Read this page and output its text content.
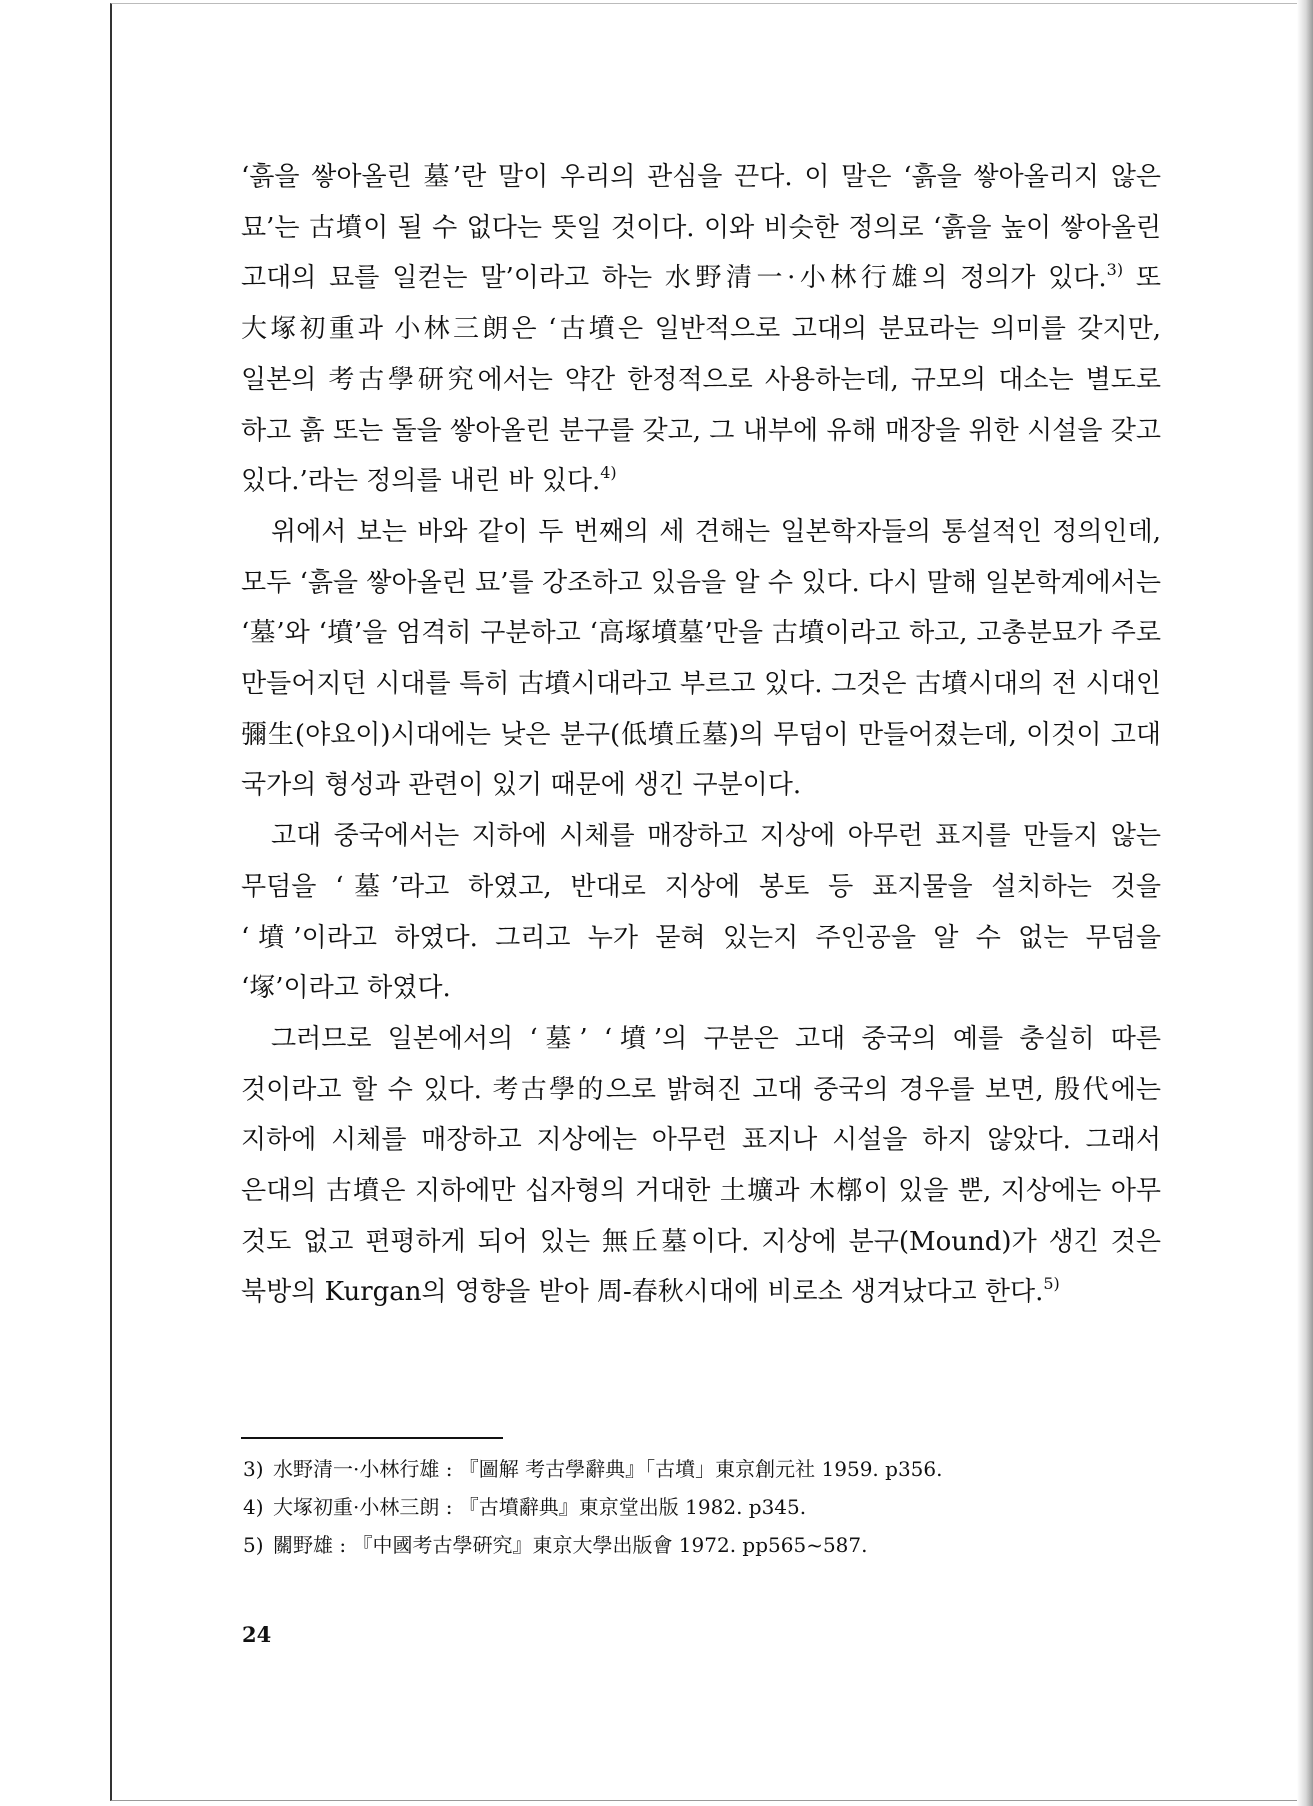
‘흙을 쌓아올린 墓’란 말이 우리의 관심을 끈다. 이 말은 ‘흙을 쌓아올리지 않은 묘’는 古墳이 될 수 없다는 뜻일 것이다. 이와 비슷한 정의로 ‘흙을 높이 쌓아올린 고대의 묘를 일컫는 말’이라고 하는 水野清一·小林行雄의 정의가 있다.$^{3)}$ 또 大塚初重과 小林三朗은 ‘古墳은 일반적으로 고대의 분묘라는 의미를 갖지만, 일본의 考古學研究에서는 약간 한정적으로 사용하는데, 규모의 대소는 별도로 하고 흙 또는 돌을 쌓아올린 분구를 갖고, 그 내부에 유해 매장을 위한 시설을 갖고 있다.’라는 정의를 내린 바 있다.$^{4)}$

위에서 보는 바와 같이 두 번째의 세 견해는 일본학자들의 통설적인 정의인데, 모두 ‘흙을 쌓아올린 묘’를 강조하고 있음을 알 수 있다. 다시 말해 일본학계에서는 ‘墓’와 ‘墳’을 엄격히 구분하고 ‘高塚墳墓’만을 古墳이라고 하고, 고총분묘가 주로 만들어지던 시대를 특히 古墳시대라고 부르고 있다. 그것은 古墳시대의 전 시대인 彌生(야요이)시대에는 낮은 분구(低墳丘墓)의 무덤이 만들어졌는데, 이것이 고대 국가의 형성과 관련이 있기 때문에 생긴 구분이다.

고대 중국에서는 지하에 시체를 매장하고 지상에 아무런 표지를 만들지 않는 무덤을 ‘墓’라고 하였고, 반대로 지상에 봉토 등 표지물을 설치하는 것을 ‘墳’이라고 하였다. 그리고 누가 묻혀 있는지 주인공을 알 수 없는 무덤을 ‘塚’이라고 하였다.

그러므로 일본에서의 ‘墓’ ‘墳’의 구분은 고대 중국의 예를 충실히 따른 것이라고 할 수 있다. 考古學的으로 밝혀진 고대 중국의 경우를 보면, 殷代에는 지하에 시체를 매장하고 지상에는 아무런 표지나 시설을 하지 않았다. 그래서 은대의 古墳은 지하에만 십자형의 거대한 土壙과 木槨이 있을 뿐, 지상에는 아무 것도 없고 편평하게 되어 있는 無丘墓이다. 지상에 분구(Mound)가 생긴 것은 북방의 Kurgan의 영향을 받아 周-春秋시대에 비로소 생겨났다고 한다.$^{5)}$

3) 水野清一·小林行雄 : 『圖解 考古學辭典』「古墳」東京創元社 1959. p356.
4) 大塚初重·小林三朗 : 『古墳辭典』東京堂出版 1982. p345.
5) 關野雄 : 『中國考古學硏究』東京大學出版會 1972. pp565~587.
24
